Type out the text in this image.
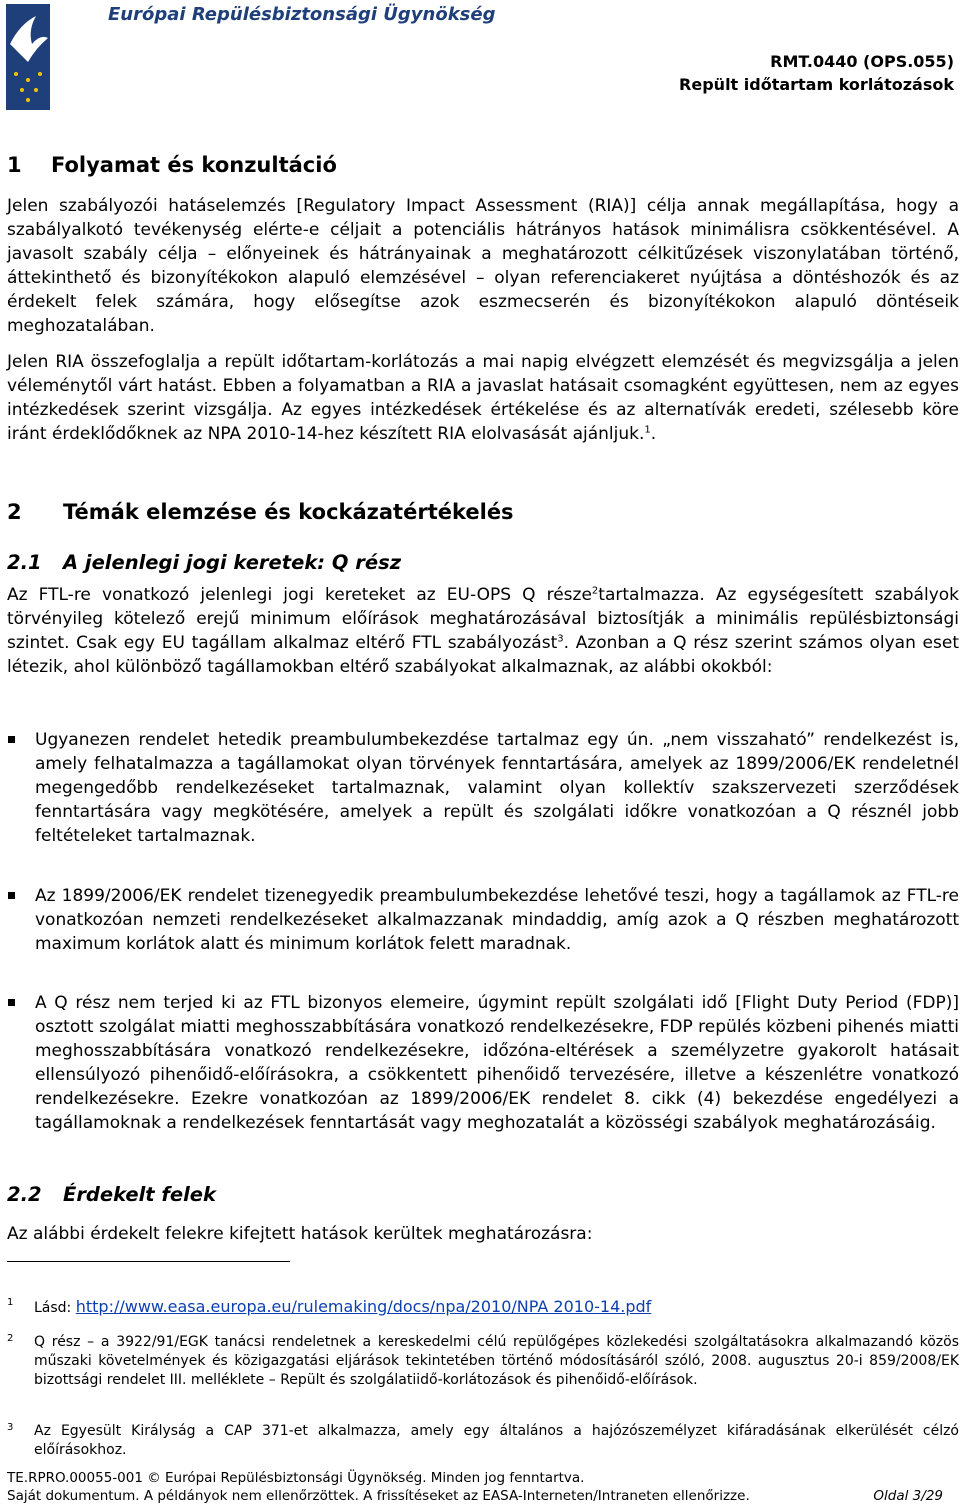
Európai Repülésbiztonsági Ügynökség
RMT.0440 (OPS.055)
Repült időtartam korlátozások
1 Folyamat és konzultáció

Jelen szabályozói hatáselemzés [Regulatory Impact Assessment (RIA)] célja annak megállapítása, hogy a szabályalkotó tevékenység elérte-e céljait a potenciális hátrányos hatások minimálisra csökkentésével. A javasolt szabály célja – előnyeinek és hátrányainak a meghatározott célkitűzések viszonylatában történő, áttekinthető és bizonyítékokon alapuló elemzésével – olyan referenciakeret nyújtása a döntéshozók és az érdekelt felek számára, hogy elősegítse azok eszmecserén és bizonyítékokon alapuló döntéseik meghozatalában.

Jelen RIA összefoglalja a repült időtartam-korlátozás a mai napig elvégzett elemzését és megvizsgálja a jelen véleménytől várt hatást. Ebben a folyamatban a RIA a javaslat hatásait csomagként együttesen, nem az egyes intézkedések szerint vizsgálja. Az egyes intézkedések értékelése és az alternatívák eredeti, szélesebb köre iránt érdeklődőknek az NPA 2010-14-hez készített RIA elolvasását ajánljuk.$^1$.

2 Témák elemzése és kockázatértékelés
2.1 A jelenlegi jogi keretek: Q rész

Az FTL-re vonatkozó jelenlegi jogi kereteket az EU-OPS Q része$^2$tartalmazza. Az egységesített szabályok törvényileg kötelező erejű minimum előírások meghatározásával biztosítják a minimális repülésbiztonsági szintet. Csak egy EU tagállam alkalmaz eltérő FTL szabályozást$^3$. Azonban a Q rész szerint számos olyan eset létezik, ahol különböző tagállamokban eltérő szabályokat alkalmaznak, az alábbi okokból:

Ugyanezen rendelet hetedik preambulumbekezdése tartalmaz egy ún. „nem visszaható” rendelkezést is, amely felhatalmazza a tagállamokat olyan törvények fenntartására, amelyek az 1899/2006/EK rendeletnél megengedőbb rendelkezéseket tartalmaznak, valamint olyan kollektív szakszervezeti szerződések fenntartására vagy megkötésére, amelyek a repült és szolgálati időkre vonatkozóan a Q résznél jobb feltételeket tartalmaznak.
Az 1899/2006/EK rendelet tizenegyedik preambulumbekezdése lehetővé teszi, hogy a tagállamok az FTL-re vonatkozóan nemzeti rendelkezéseket alkalmazzanak mindaddig, amíg azok a Q részben meghatározott maximum korlátok alatt és minimum korlátok felett maradnak.
A Q rész nem terjed ki az FTL bizonyos elemeire, úgymint repült szolgálati idő [Flight Duty Period (FDP)] osztott szolgálat miatti meghosszabbítására vonatkozó rendelkezésekre, FDP repülés közbeni pihenés miatti meghosszabbítására vonatkozó rendelkezésekre, időzóna-eltérések a személyzetre gyakorolt hatásait ellensúlyozó pihenőidő-előírásokra, a csökkentett pihenőidő tervezésére, illetve a készenlétre vonatkozó rendelkezésekre. Ezekre vonatkozóan az 1899/2006/EK rendelet 8. cikk (4) bekezdése engedélyezi a tagállamoknak a rendelkezések fenntartását vagy meghozatalát a közösségi szabályok meghatározásáig.
2.2 Érdekelt felek

Az alábbi érdekelt felekre kifejtett hatások kerültek meghatározásra:

1 Lásd: http://www.easa.europa.eu/rulemaking/docs/npa/2010/NPA 2010-14.pdf
2 Q rész – a 3922/91/EGK tanácsi rendeletnek a kereskedelmi célú repülőgépes közlekedési szolgáltatásokra alkalmazandó közös műszaki követelmények és közigazgatási eljárások tekintetében történő módosításáról szóló, 2008. augusztus 20-i 859/2008/EK bizottsági rendelet III. melléklete – Repült és szolgálatiidő-korlátozások és pihenőidő-előírások.
3 Az Egyesült Királyság a CAP 371-et alkalmazza, amely egy általános a hajózószemélyzet kifáradásának elkerülését célzó előírásokhoz.
TE.RPRO.00055-001 © Európai Repülésbiztonsági Ügynökség. Minden jog fenntartva.
Saját dokumentum. A példányok nem ellenőrzöttek. A frissítéseket az EASA-Interneten/Intraneten ellenőrizze.	Oldal 3/29
